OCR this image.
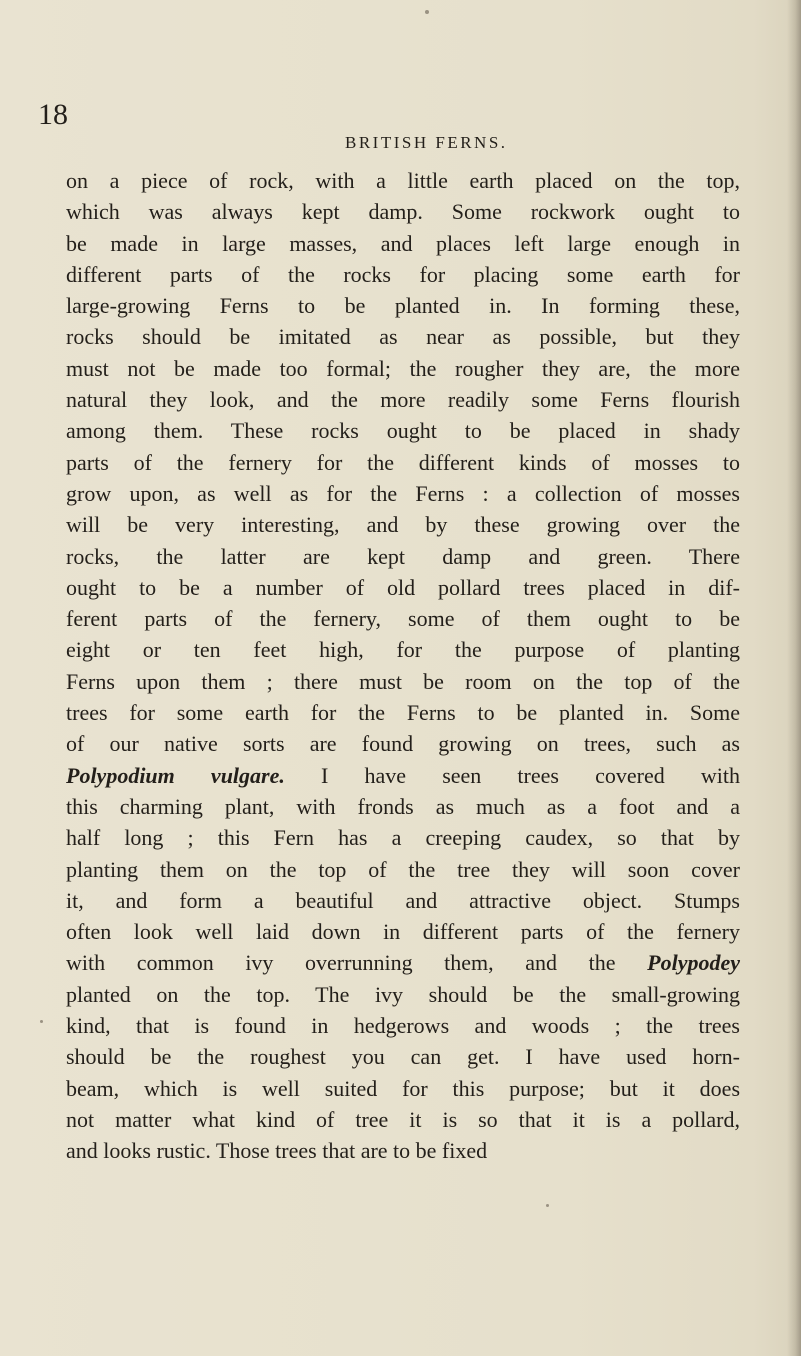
18
BRITISH FERNS.
on a piece of rock, with a little earth placed on the top,
which was always kept damp. Some rockwork ought to
be made in large masses, and places left large enough in
different parts of the rocks for placing some earth for
large-growing Ferns to be planted in. In forming these,
rocks should be imitated as near as possible, but they
must not be made too formal; the rougher they are, the more
natural they look, and the more readily some Ferns flourish
among them. These rocks ought to be placed in shady
parts of the fernery for the different kinds of mosses to
grow upon, as well as for the Ferns : a collection of mosses
will be very interesting, and by these growing over the
rocks, the latter are kept damp and green. There
ought to be a number of old pollard trees placed in dif-
ferent parts of the fernery, some of them ought to be
eight or ten feet high, for the purpose of planting
Ferns upon them ; there must be room on the top of the
trees for some earth for the Ferns to be planted in. Some
of our native sorts are found growing on trees, such as
Polypodium vulgare. I have seen trees covered with
this charming plant, with fronds as much as a foot and a
half long ; this Fern has a creeping caudex, so that by
planting them on the top of the tree they will soon cover
it, and form a beautiful and attractive object. Stumps
often look well laid down in different parts of the fernery
with common ivy overrunning them, and the Polypodey
planted on the top. The ivy should be the small-growing
kind, that is found in hedgerows and woods ; the trees
should be the roughest you can get. I have used horn-
beam, which is well suited for this purpose; but it does
not matter what kind of tree it is so that it is a pollard,
and looks rustic. Those trees that are to be fixed
